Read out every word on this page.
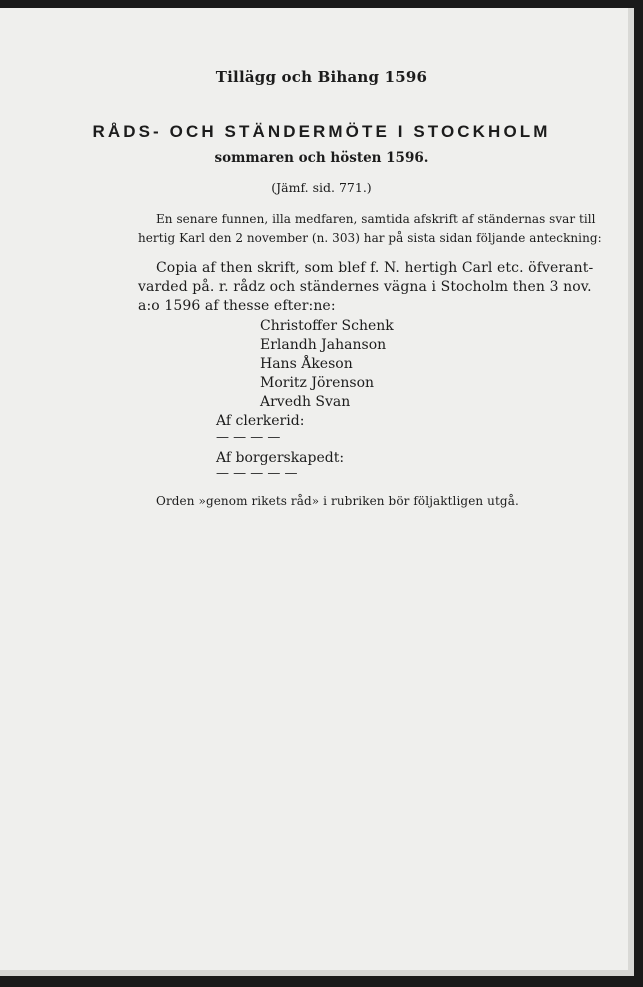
Tillägg och Bihang 1596

RÅDS- OCH STÄNDERMÖTE I STOCKHOLM

sommaren och hösten 1596.

(Jämf. sid. 771.)

En senare funnen, illa medfaren, samtida afskrift af ständernas svar till

hertig Karl den 2 november (n. 303) har på sista sidan följande anteckning:

Copia af then skrift, som blef f. N. hertigh Carl etc. öfverant-

varded på. r. rådz och ständernes vägna i Stocholm then 3 nov.

a:o 1596 af thesse efter:ne:

Christoffer Schenk

Erlandh Jahanson

Hans Åkeson

Moritz Jörenson

Arvedh Svan

Af clerkerid:

— — — —

Af borgerskapedt:

— — — — —

Orden »genom rikets råd» i rubriken bör följaktligen utgå.
